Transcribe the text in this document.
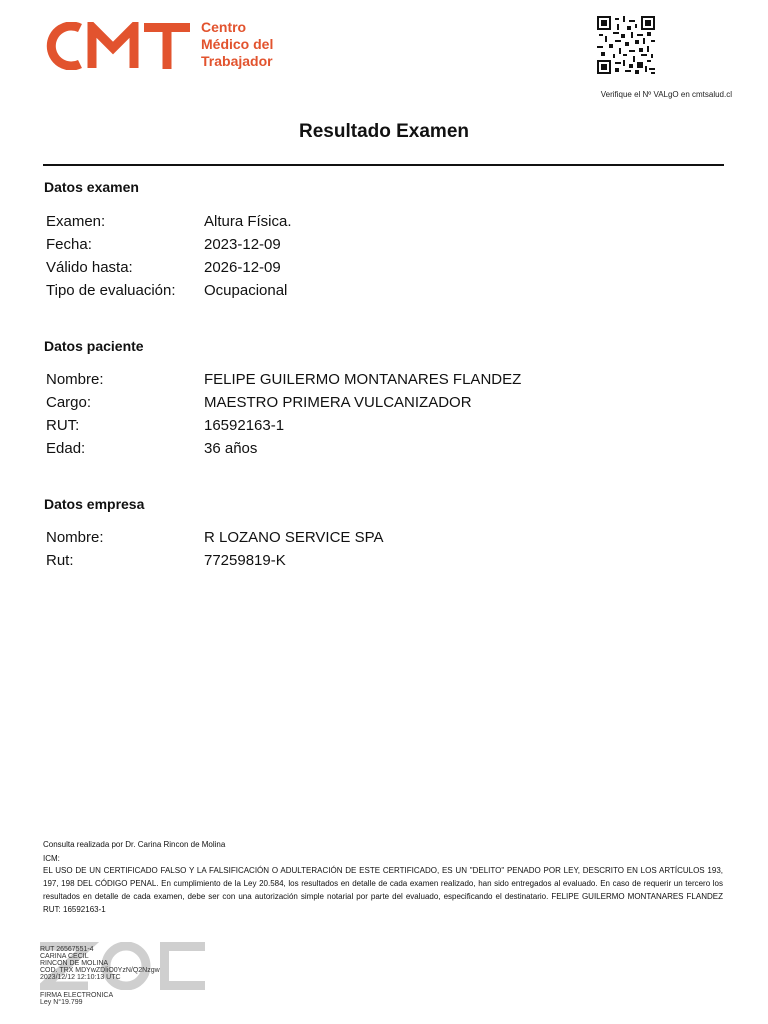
Centro
Médico del
Trabajador
Verifique el Nº VALgO en cmtsalud.cl
Resultado Examen
Datos examen
Examen:	Altura Física.
Fecha:	2023-12-09
Válido hasta:	2026-12-09
Tipo de evaluación: Ocupacional
Datos paciente
Nombre:	FELIPE GUILERMO MONTANARES FLANDEZ
Cargo:	MAESTRO PRIMERA VULCANIZADOR
RUT:	16592163-1
Edad:	36 años
Datos empresa
Nombre:	R LOZANO SERVICE SPA
Rut:	77259819-K
Consulta realizada por Dr. Carina Rincon de Molina
ICM:
EL USO DE UN CERTIFICADO FALSO Y LA FALSIFICACIÓN O ADULTERACIÓN DE ESTE CERTIFICADO, ES UN "DELITO" PENADO POR LEY, DESCRITO EN LOS ARTÍCULOS 193, 197, 198 DEL CÓDIGO PENAL. En cumplimiento de la Ley 20.584, los resultados en detalle de cada examen realizado, han sido entregados al evaluado. En caso de requerir un tercero los resultados en detalle de cada examen, debe ser con una autorización simple notarial por parte del evaluado, especificando el destinatario. FELIPE GUILERMO MONTANARES FLANDEZ RUT: 16592163-1
RUT 26567551-4
CARINA CECIL
RINCON DE MOLINA
COD. TRX MDYwZDliO0YzN/Q2Nzgw
2023/12/12 12:10:13 UTC
FIRMA ELECTRONICA
Ley N°19.799
